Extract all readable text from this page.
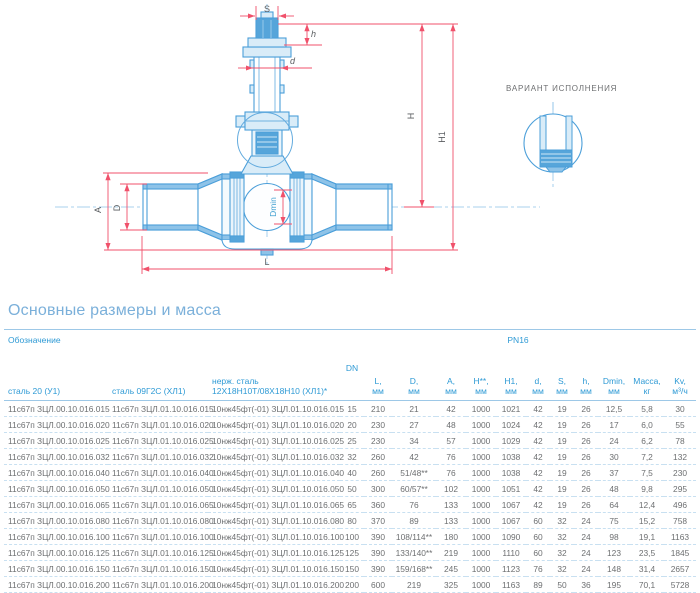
S
h
d
H
H1
A D	Dmin
L
ВАРИАНТ ИСПОЛНЕНИЯ
Основные размеры и масса
Обозначение			PN16											
сталь 20 (У1)	сталь 09Г2С (ХЛ1)	нерж. сталь 12Х18Н10Т/08Х18Н10 (ХЛ1)*	DN	L,
мм	D,
мм	A,
мм	H**,
мм	H1,
мм	d,
мм	S,
мм	h,
мм	Dmin,
мм	Масса,
кг	Kv,
м³/ч

11с67п ЗЦЛ.00.10.016.015	11с67п ЗЦЛ.01.10.016.015	10нж45фт(-01) ЗЦЛ.01.10.016.015	15	210	21	42	1000	1021	42	19	26	12,5	5,8	30
11с67п ЗЦЛ.00.10.016.020	11с67п ЗЦЛ.01.10.016.020	10нж45фт(-01) ЗЦЛ.01.10.016.020	20	230	27	48	1000	1024	42	19	26	17	6,0	55
11с67п ЗЦЛ.00.10.016.025	11с67п ЗЦЛ.01.10.016.025	10нж45фт(-01) ЗЦЛ.01.10.016.025	25	230	34	57	1000	1029	42	19	26	24	6,2	78
11с67п ЗЦЛ.00.10.016.032	11с67п ЗЦЛ.01.10.016.032	10нж45фт(-01) ЗЦЛ.01.10.016.032	32	260	42	76	1000	1038	42	19	26	30	7,2	132
11с67п ЗЦЛ.00.10.016.040	11с67п ЗЦЛ.01.10.016.040	10нж45фт(-01) ЗЦЛ.01.10.016.040	40	260	51/48**	76	1000	1038	42	19	26	37	7,5	230
11с67п ЗЦЛ.00.10.016.050	11с67п ЗЦЛ.01.10.016.050	10нж45фт(-01) ЗЦЛ.01.10.016.050	50	300	60/57**	102	1000	1051	42	19	26	48	9,8	295
11с67п ЗЦЛ.00.10.016.065	11с67п ЗЦЛ.01.10.016.065	10нж45фт(-01) ЗЦЛ.01.10.016.065	65	360	76	133	1000	1067	42	19	26	64	12,4	496
11с67п ЗЦЛ.00.10.016.080	11с67п ЗЦЛ.01.10.016.080	10нж45фт(-01) ЗЦЛ.01.10.016.080	80	370	89	133	1000	1067	60	32	24	75	15,2	758
11с67п ЗЦЛ.00.10.016.100	11с67п ЗЦЛ.01.10.016.100	10нж45фт(-01) ЗЦЛ.01.10.016.100	100	390	108/114**	180	1000	1090	60	32	24	98	19,1	1163
11с67п ЗЦЛ.00.10.016.125	11с67п ЗЦЛ.01.10.016.125	10нж45фт(-01) ЗЦЛ.01.10.016.125	125	390	133/140**	219	1000	1110	60	32	24	123	23,5	1845
11с67п ЗЦЛ.00.10.016.150	11с67п ЗЦЛ.01.10.016.150	10нж45фт(-01) ЗЦЛ.01.10.016.150	150	390	159/168**	245	1000	1123	76	32	24	148	31,4	2657
11с67п ЗЦЛ.00.10.016.200	11с67п ЗЦЛ.01.10.016.200	10нж45фт(-01) ЗЦЛ.01.10.016.200	200	600	219	325	1000	1163	89	50	36	195	70,1	5728
